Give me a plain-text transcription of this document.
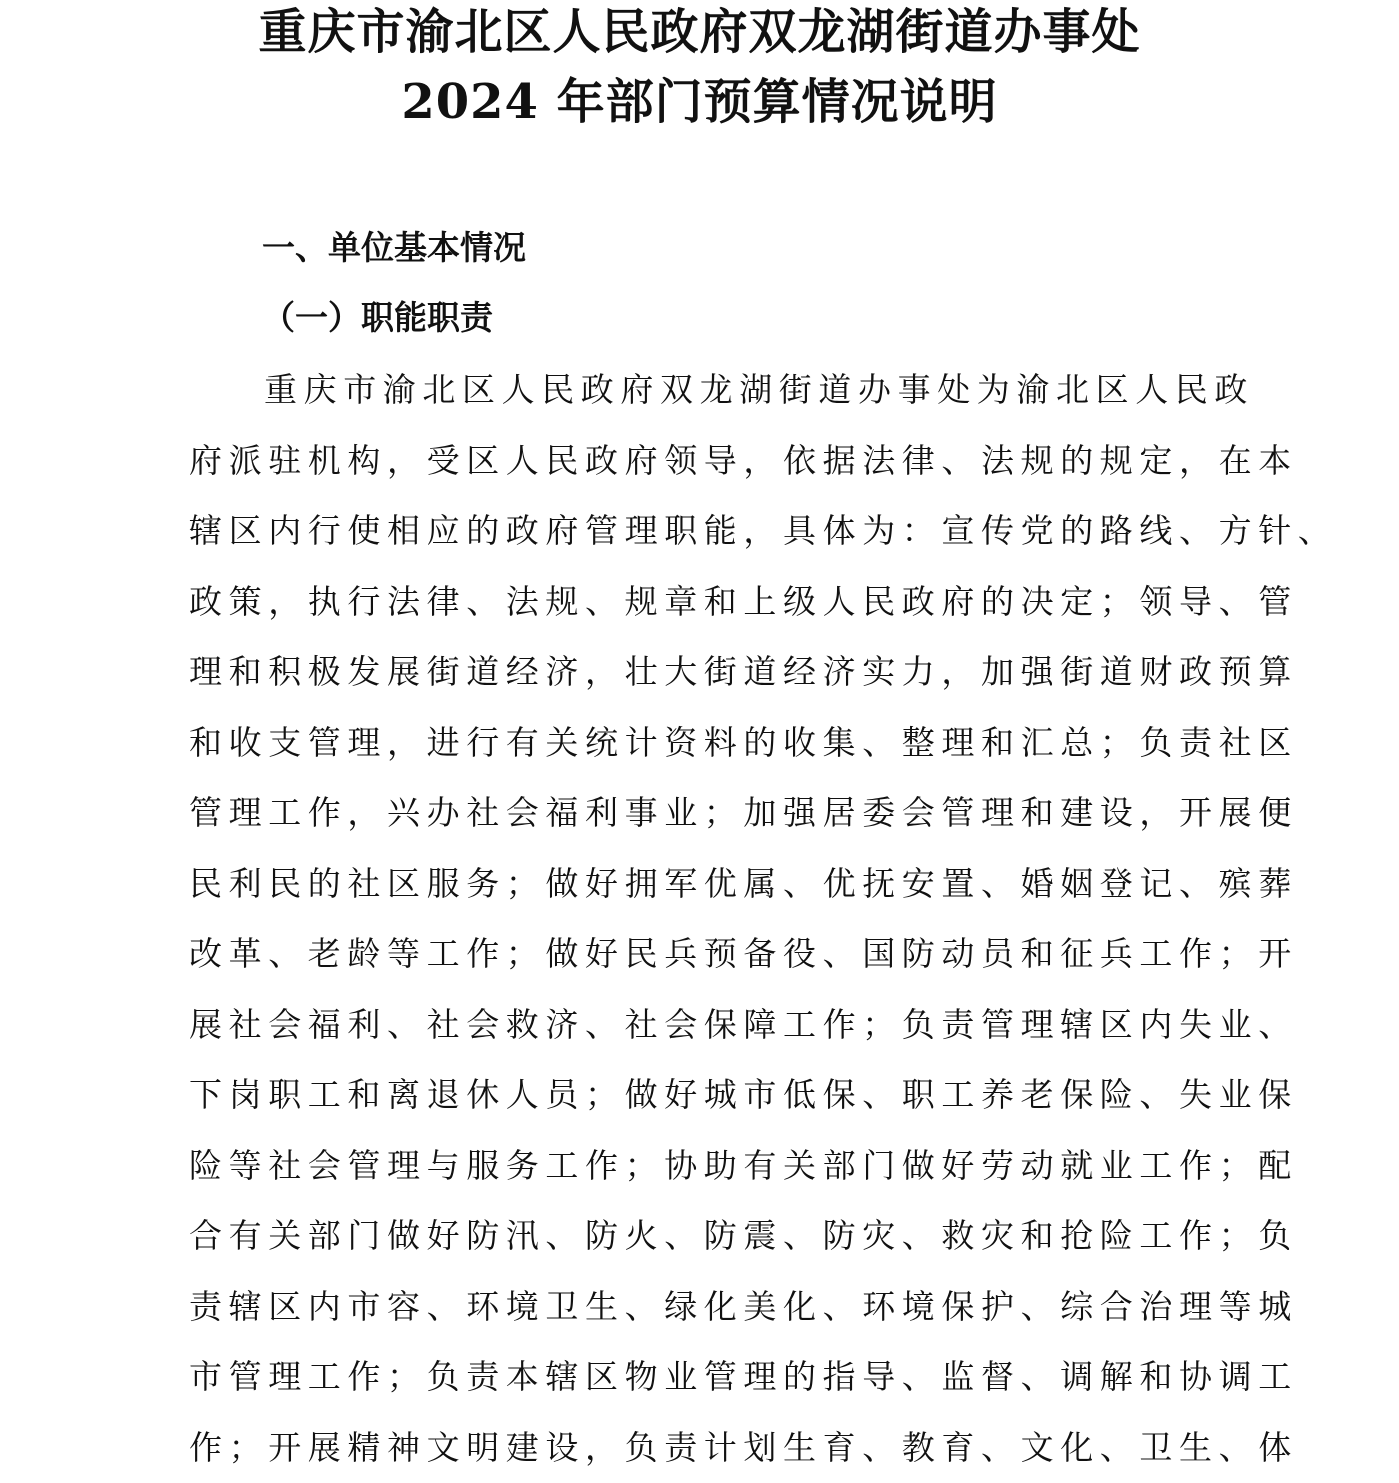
重庆市渝北区人民政府双龙湖街道办事处
2024 年部门预算情况说明
一、单位基本情况
（一）职能职责
重庆市渝北区人民政府双龙湖街道办事处为渝北区人民政
府派驻机构，受区人民政府领导，依据法律、法规的规定，在本
辖区内行使相应的政府管理职能，具体为：宣传党的路线、方针、
政策，执行法律、法规、规章和上级人民政府的决定；领导、管
理和积极发展街道经济，壮大街道经济实力，加强街道财政预算
和收支管理，进行有关统计资料的收集、整理和汇总；负责社区
管理工作，兴办社会福利事业；加强居委会管理和建设，开展便
民利民的社区服务；做好拥军优属、优抚安置、婚姻登记、殡葬
改革、老龄等工作；做好民兵预备役、国防动员和征兵工作；开
展社会福利、社会救济、社会保障工作；负责管理辖区内失业、
下岗职工和离退休人员；做好城市低保、职工养老保险、失业保
险等社会管理与服务工作；协助有关部门做好劳动就业工作；配
合有关部门做好防汛、防火、防震、防灾、救灾和抢险工作；负
责辖区内市容、环境卫生、绿化美化、环境保护、综合治理等城
市管理工作；负责本辖区物业管理的指导、监督、调解和协调工
作；开展精神文明建设，负责计划生育、教育、文化、卫生、体
